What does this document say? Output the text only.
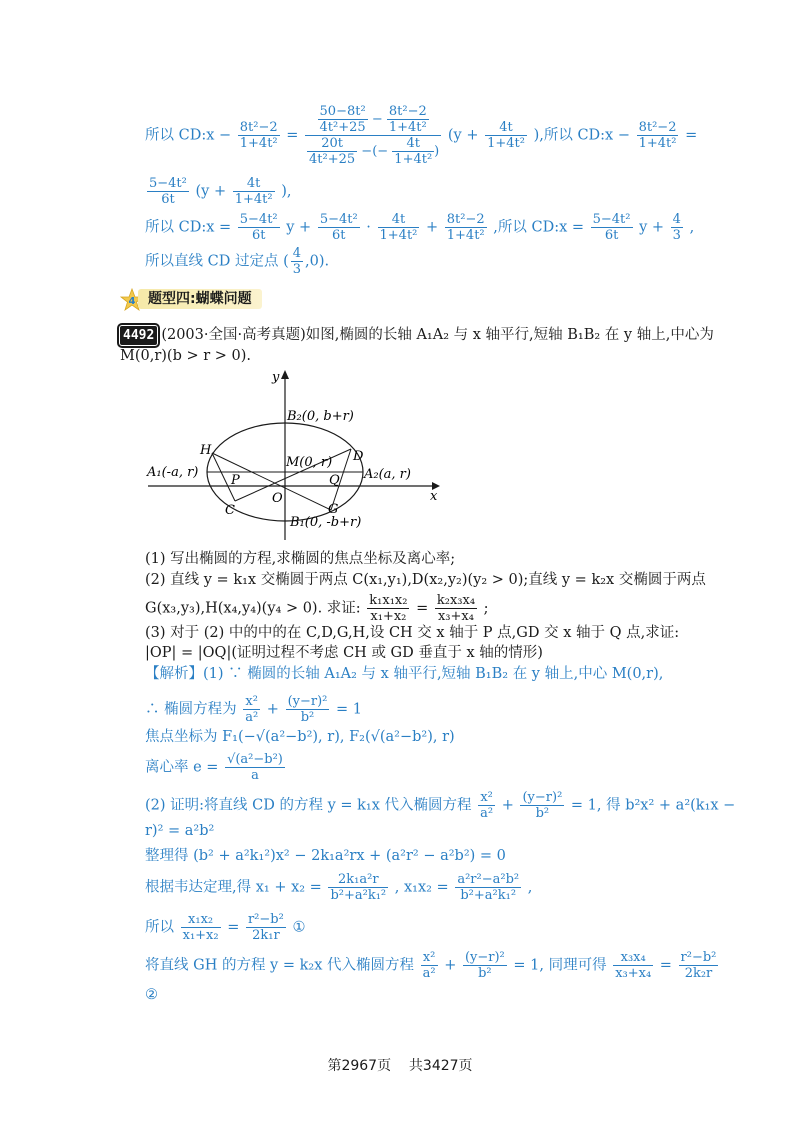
所以 CD:x − $\frac{\text{8t²−2}}{\text{1+4t²}} = \frac{\frac{\text{50−8t²}}{\text{4t²+25}} - \frac{\text{8t²−2}}{\text{1+4t²}}}{\frac{20t}{\text{4t²+25}} -(- \frac{4t}{\text{1+4t²}} )} (y + \frac{4t}{\text{1+4t²}}$ ),所以 CD:x − $\frac{\text{8t²−2}}{\text{1+4t²}}$ =
$\frac{\text{5−4t²}}{6t} (y + \frac{4t}{\text{1+4t²}}$ ),
所以 CD:x = $\frac{\text{5−4t²}}{6t}$ $y + \frac{\text{5−4t²}}{6t} \cdot \frac{4t}{\text{1+4t²}} + \frac{\text{8t²−2}}{\text{1+4t²}}$ ,所以 CD:x = $\frac{\text{5−4t²}}{6t}$ $y + \frac{4}{3}$ ,
所以直线 CD 过定点 ( $\frac{4}{3} ,0$).
4 题型四:蝴蝶问题
4492 (2003·全国·高考真题)如图,椭圆的长轴 A₁A₂ 与 x 轴平行,短轴 B₁B₂ 在 y 轴上,中心为
M(0,r)(b > r > 0).
y
x
B₂(0, b+r)
H	D
A₁(-a, r)
M(0, r)
A₂(a, r)
P
O
Q
C	G
B₁(0, -b+r)
(1) 写出椭圆的方程,求椭圆的焦点坐标及离心率;
(2) 直线 y = k₁x 交椭圆于两点 C(x₁,y₁),D(x₂,y₂)(y₂ > 0);直线 y = k₂x 交椭圆于两点
G(x₃,y₃),H(x₄,y₄)(y₄ > 0). 求证: $\frac{\text{k₁x₁x₂}}{\text{x₁+x₂}} = \frac{\text{k₂x₃x₄}}{\text{x₃+x₄}}$ ;
(3) 对于 (2) 中的中的在 C,D,G,H,设 CH 交 x 轴于 P 点,GD 交 x 轴于 Q 点,求证:
|OP| = |OQ|(证明过程不考虑 CH 或 GD 垂直于 x 轴的情形)
【解析】(1) ∵ 椭圆的长轴 A₁A₂ 与 x 轴平行,短轴 B₁B₂ 在 y 轴上,中心 M(0,r),
∴ 椭圆方程为 $\frac{\text{x²}}{\text{a²}} + \frac{\text{(y−r)²}}{\text{b²}} = 1$
焦点坐标为 F₁(−√(a²−b²), r), F₂(√(a²−b²), r)
离心率 $e = \frac{\text{√(a²−b²)}}{a}$
(2) 证明:将直线 CD 的方程 y = k₁x 代入椭圆方程 $\frac{\text{x²}}{\text{a²}} + \frac{\text{(y−r)²}}{\text{b²}} = 1$, 得 b²x² + a²(k₁x −
r)² = a²b²
整理得 (b² + a²k₁²)x² − 2k₁a²rx + (a²r² − a²b²) = 0
根据韦达定理,得 $x_1 + x_2 = \frac{\text{2k₁a²r}}{\text{b²+a²k₁²}}$ , $x_1x_2 = \frac{\text{a²r²−a²b²}}{\text{b²+a²k₁²}}$ ,
所以 $\frac{\text{x₁x₂}}{\text{x₁+x₂}} = \frac{\text{r²−b²}}{\text{2k₁r}}$ ①
将直线 GH 的方程 y = k₂x 代入椭圆方程 $\frac{\text{x²}}{\text{a²}} + \frac{\text{(y−r)²}}{\text{b²}} = 1$, 同理可得 $\frac{\text{x₃x₄}}{\text{x₃+x₄}} = \frac{\text{r²−b²}}{\text{2k₂r}}$
②
第2967页 共3427页
